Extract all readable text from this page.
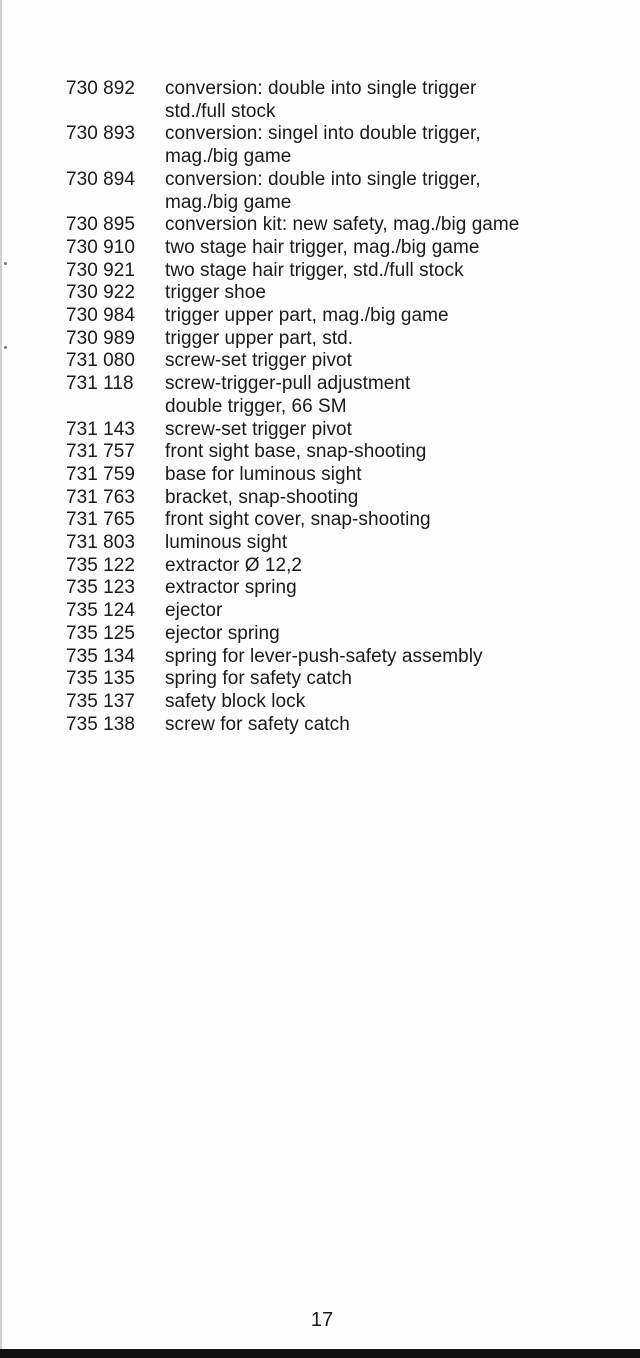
730 892	conversion: double into single trigger
std./full stock
730 893	conversion: singel into double trigger,
mag./big game
730 894	conversion: double into single trigger,
mag./big game
730 895	conversion kit: new safety, mag./big game
730 910	two stage hair trigger, mag./big game
730 921	two stage hair trigger, std./full stock
730 922	trigger shoe
730 984	trigger upper part, mag./big game
730 989	trigger upper part, std.
731 080	screw-set trigger pivot
731 118	screw-trigger-pull adjustment
double trigger, 66 SM
731 143	screw-set trigger pivot
731 757	front sight base, snap-shooting
731 759	base for luminous sight
731 763	bracket, snap-shooting
731 765	front sight cover, snap-shooting
731 803	luminous sight
735 122	extractor Ø 12,2
735 123	extractor spring
735 124	ejector
735 125	ejector spring
735 134	spring for lever-push-safety assembly
735 135	spring for safety catch
735 137	safety block lock
735 138	screw for safety catch
17
